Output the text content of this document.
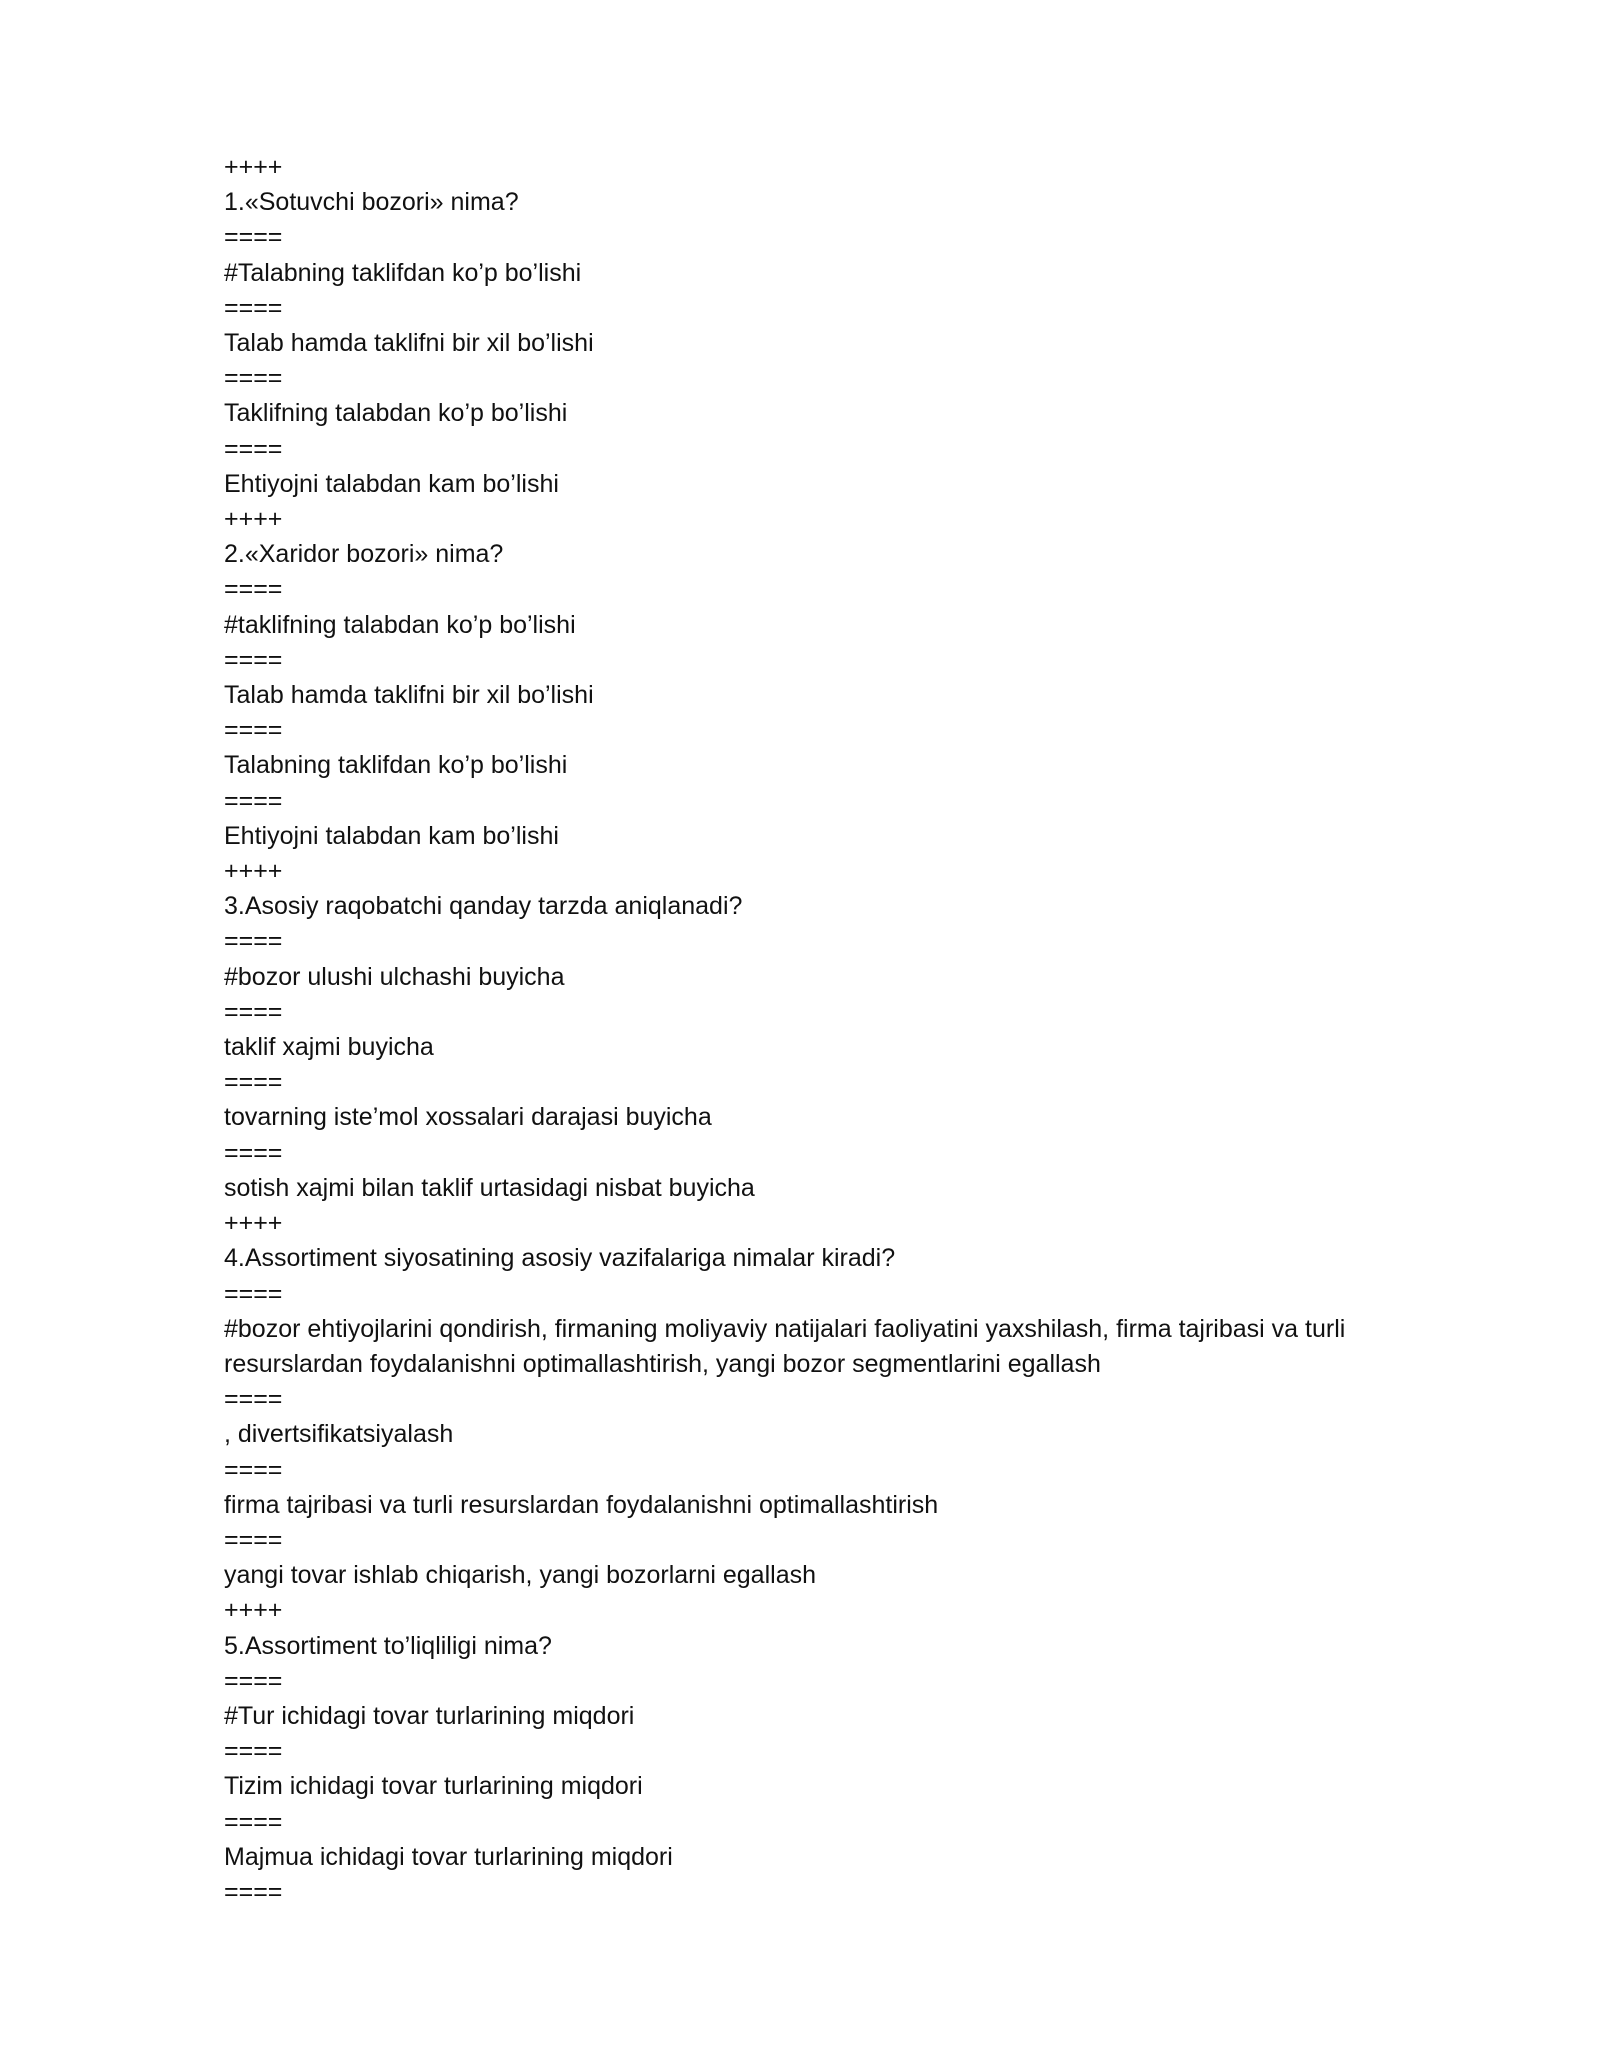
++++
1.«Sotuvchi bozori» nima?
====
#Talabning taklifdan ko’p bo’lishi
====
Talab hamda taklifni bir xil bo’lishi
====
Taklifning talabdan ko’p bo’lishi
====
Ehtiyojni talabdan kam bo’lishi
++++
2.«Xaridor bozori» nima?
====
#taklifning talabdan ko’p bo’lishi
====
Talab hamda taklifni bir xil bo’lishi
====
Talabning taklifdan ko’p bo’lishi
====
Ehtiyojni talabdan kam bo’lishi
++++
3.Asosiy raqobatchi qanday tarzda aniqlanadi?
====
#bozor ulushi ulchashi buyicha
====
taklif xajmi buyicha
====
tovarning iste’mol xossalari darajasi buyicha
====
sotish xajmi bilan taklif urtasidagi nisbat buyicha
++++
4.Assortiment siyosatining asosiy vazifalariga nimalar kiradi?
====
#bozor ehtiyojlarini qondirish, firmaning moliyaviy natijalari faoliyatini yaxshilash, firma tajribasi va turli resurslardan foydalanishni optimallashtirish, yangi bozor segmentlarini egallash
====
, divertsifikatsiyalash
====
firma tajribasi va turli resurslardan foydalanishni optimallashtirish
====
yangi tovar ishlab chiqarish, yangi bozorlarni egallash
++++
5.Assortiment to’liqliligi nima?
====
#Tur ichidagi tovar turlarining miqdori
====
Tizim ichidagi tovar turlarining miqdori
====
Majmua ichidagi tovar turlarining miqdori
====
